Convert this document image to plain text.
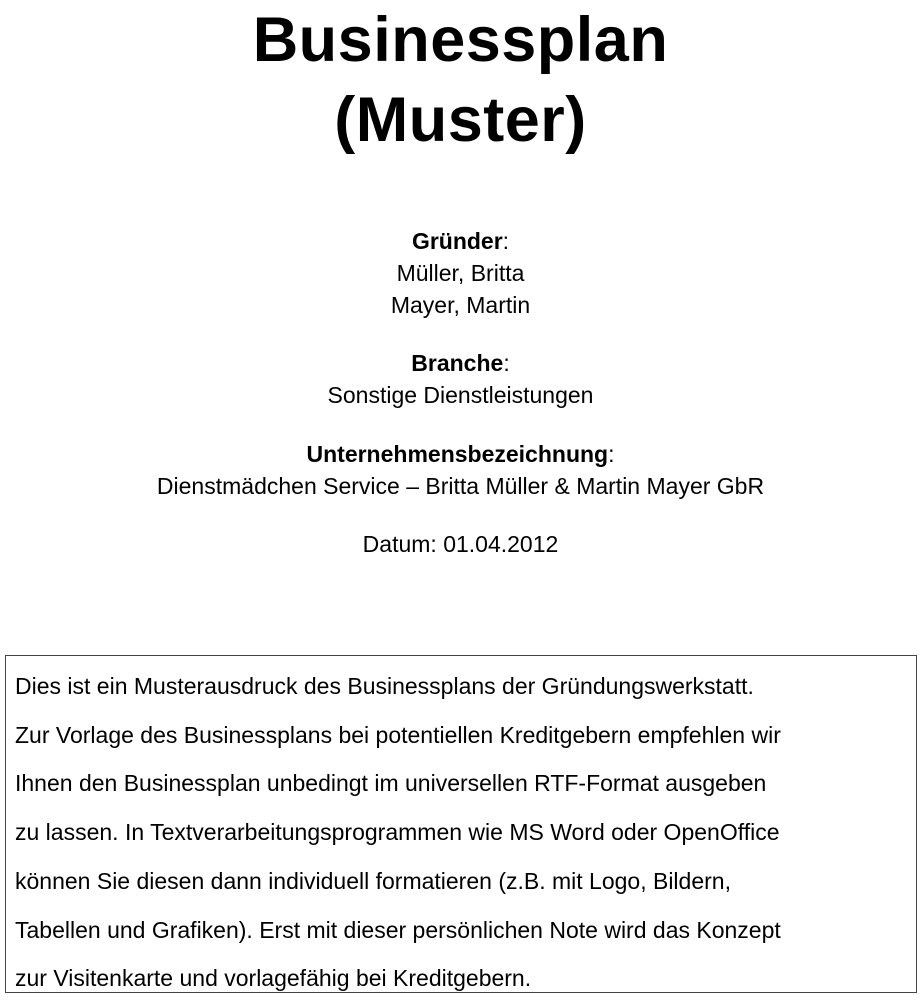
Businessplan
(Muster)
Gründer:
Müller, Britta
Mayer, Martin
Branche:
Sonstige Dienstleistungen
Unternehmensbezeichnung:
Dienstmädchen Service – Britta Müller & Martin Mayer GbR
Datum: 01.04.2012
Dies ist ein Musterausdruck des Businessplans der Gründungswerkstatt.
Zur Vorlage des Businessplans bei potentiellen Kreditgebern empfehlen wir
Ihnen den Businessplan unbedingt im universellen RTF-Format ausgeben
zu lassen. In Textverarbeitungsprogrammen wie MS Word oder OpenOffice
können Sie diesen dann individuell formatieren (z.B. mit Logo, Bildern,
Tabellen und Grafiken). Erst mit dieser persönlichen Note wird das Konzept
zur Visitenkarte und vorlagefähig bei Kreditgebern.
